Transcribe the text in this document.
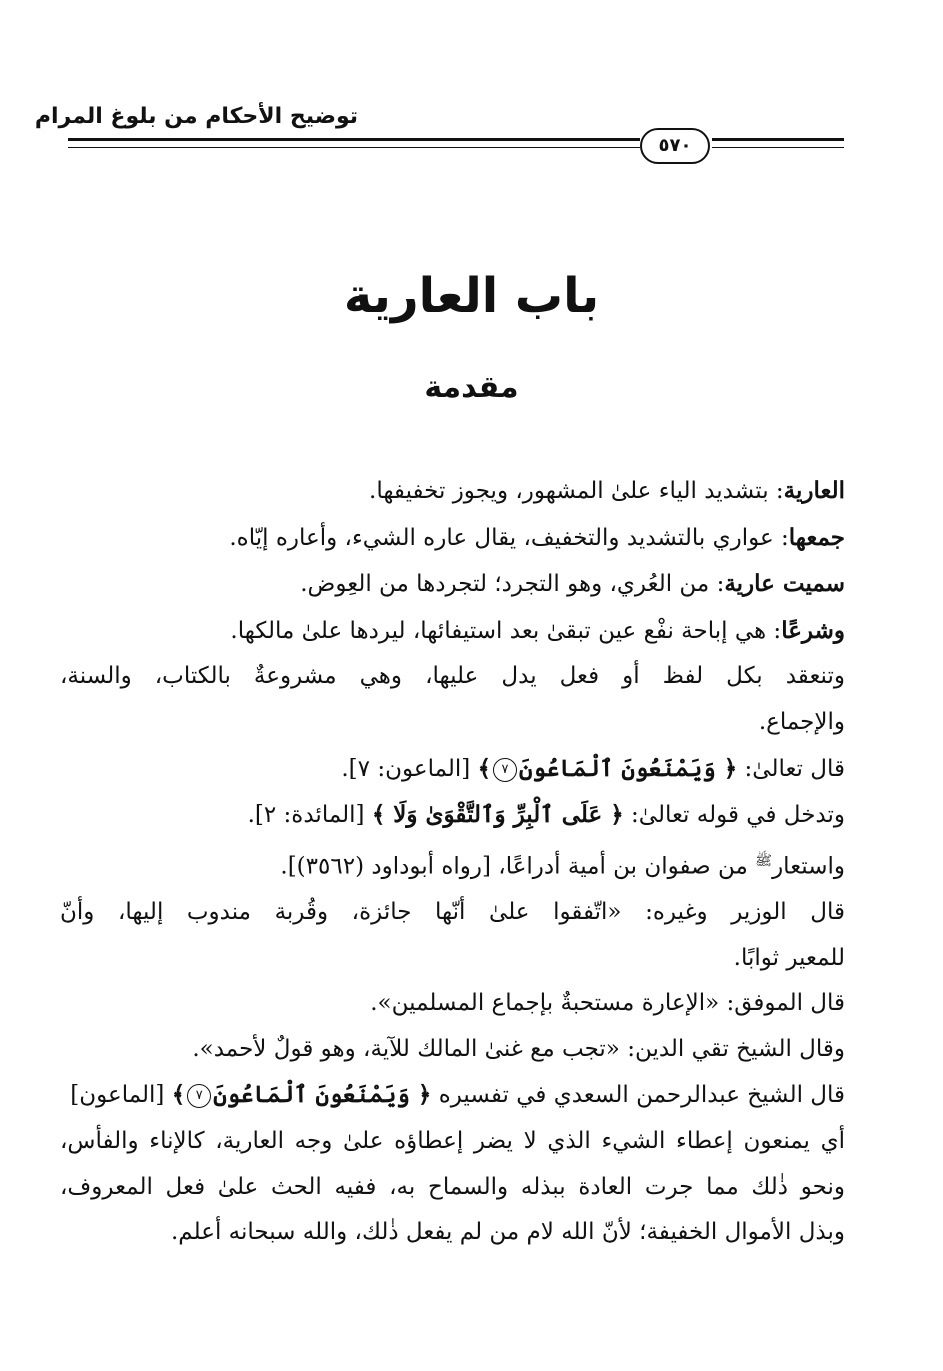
توضيح الأحكام من بلوغ المرام
٥٧٠
باب العارية
مقدمة
العارية: بتشديد الياء علىٰ المشهور، ويجوز تخفيفها.
جمعها: عواري بالتشديد والتخفيف، يقال عاره الشيء، وأعاره إيّاه.
سميت عارية: من العُري، وهو التجرد؛ لتجردها من العِوض.
وشرعًا: هي إباحة نفْع عين تبقىٰ بعد استيفائها، ليردها علىٰ مالكها.
وتنعقد بكل لفظ أو فعل يدل عليها، وهي مشروعةٌ بالكتاب، والسنة،
والإجماع.
قال تعالىٰ: ﴿ وَيَمْنَعُونَ ٱلْمَاعُونَ٧﴾ [الماعون: ٧].
وتدخل في قوله تعالىٰ: ﴿ عَلَى ٱلْبِرِّ وَٱلتَّقْوَىٰ وَلَا ﴾ [المائدة: ٢].
واستعار$^ﷺ$ من صفوان بن أمية أدراعًا، [رواه أبوداود (٣٥٦٢)].
قال الوزير وغيره: «اتّفقوا علىٰ أنّها جائزة، وقُربة مندوب إليها، وأنّ
للمعير ثوابًا.
قال الموفق: «الإعارة مستحبةٌ بإجماع المسلمين».
وقال الشيخ تقي الدين: «تجب مع غنىٰ المالك للآية، وهو قولٌ لأحمد».
قال الشيخ عبدالرحمن السعدي في تفسيره ﴿ وَيَمْنَعُونَ ٱلْمَاعُونَ٧﴾ [الماعون]
أي يمنعون إعطاء الشيء الذي لا يضر إعطاؤه علىٰ وجه العارية، كالإناء والفأس،
ونحو ذٰلك مما جرت العادة ببذله والسماح به، ففيه الحث علىٰ فعل المعروف،
وبذل الأموال الخفيفة؛ لأنّ الله لام من لم يفعل ذٰلك، والله سبحانه أعلم.
